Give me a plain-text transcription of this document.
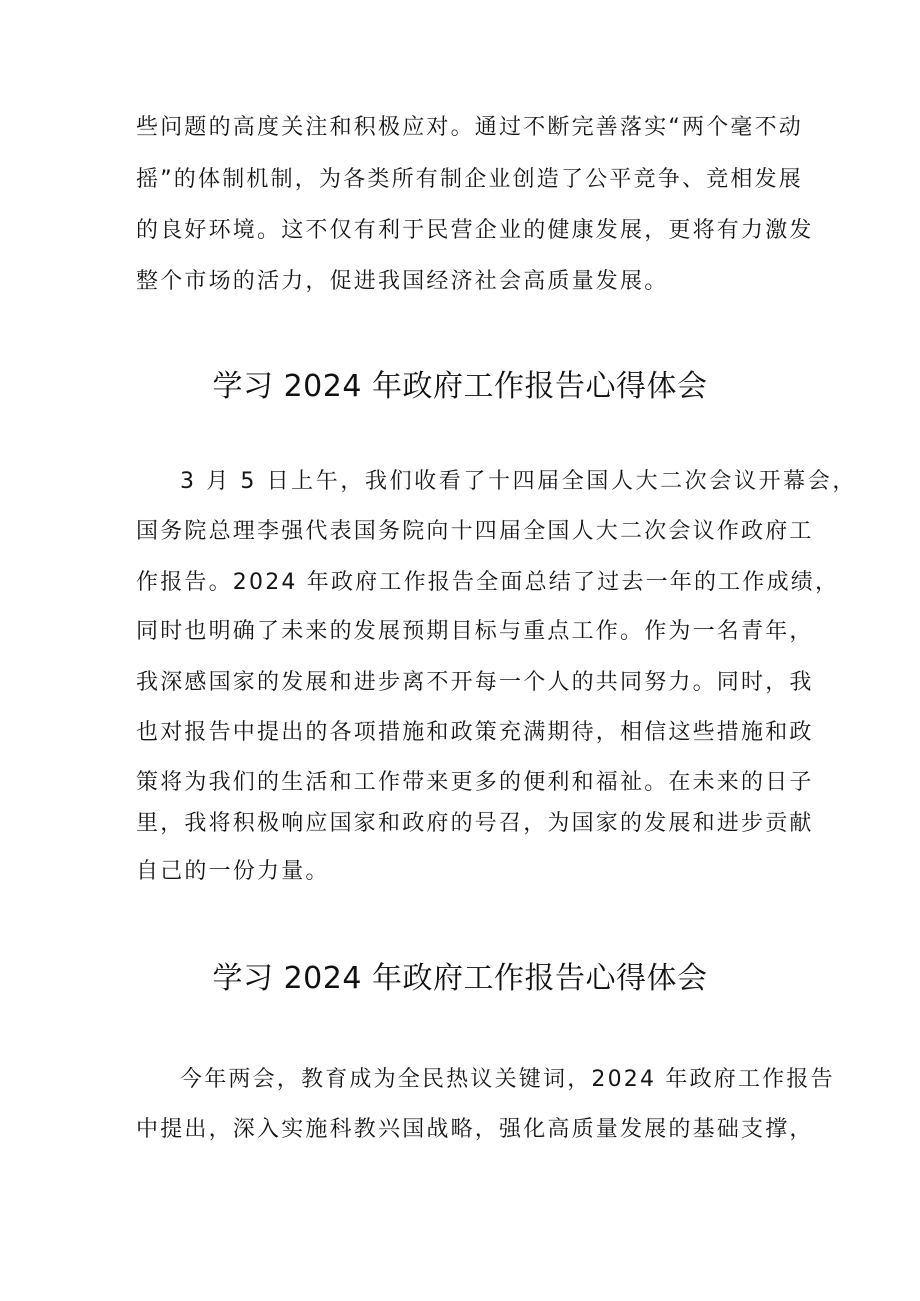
些问题的高度关注和积极应对。通过不断完善落实“两个毫不动
摇”的体制机制，为各类所有制企业创造了公平竞争、竞相发展
的良好环境。这不仅有利于民营企业的健康发展，更将有力激发
整个市场的活力，促进我国经济社会高质量发展。
学习 2024 年政府工作报告心得体会
3 月 5 日上午，我们收看了十四届全国人大二次会议开幕会，
国务院总理李强代表国务院向十四届全国人大二次会议作政府工
作报告。2024 年政府工作报告全面总结了过去一年的工作成绩，
同时也明确了未来的发展预期目标与重点工作。作为一名青年，
我深感国家的发展和进步离不开每一个人的共同努力。同时，我
也对报告中提出的各项措施和政策充满期待，相信这些措施和政
策将为我们的生活和工作带来更多的便利和福祉。在未来的日子
里，我将积极响应国家和政府的号召，为国家的发展和进步贡献
自己的一份力量。
学习 2024 年政府工作报告心得体会
今年两会，教育成为全民热议关键词，2024 年政府工作报告
中提出，深入实施科教兴国战略，强化高质量发展的基础支撑，
